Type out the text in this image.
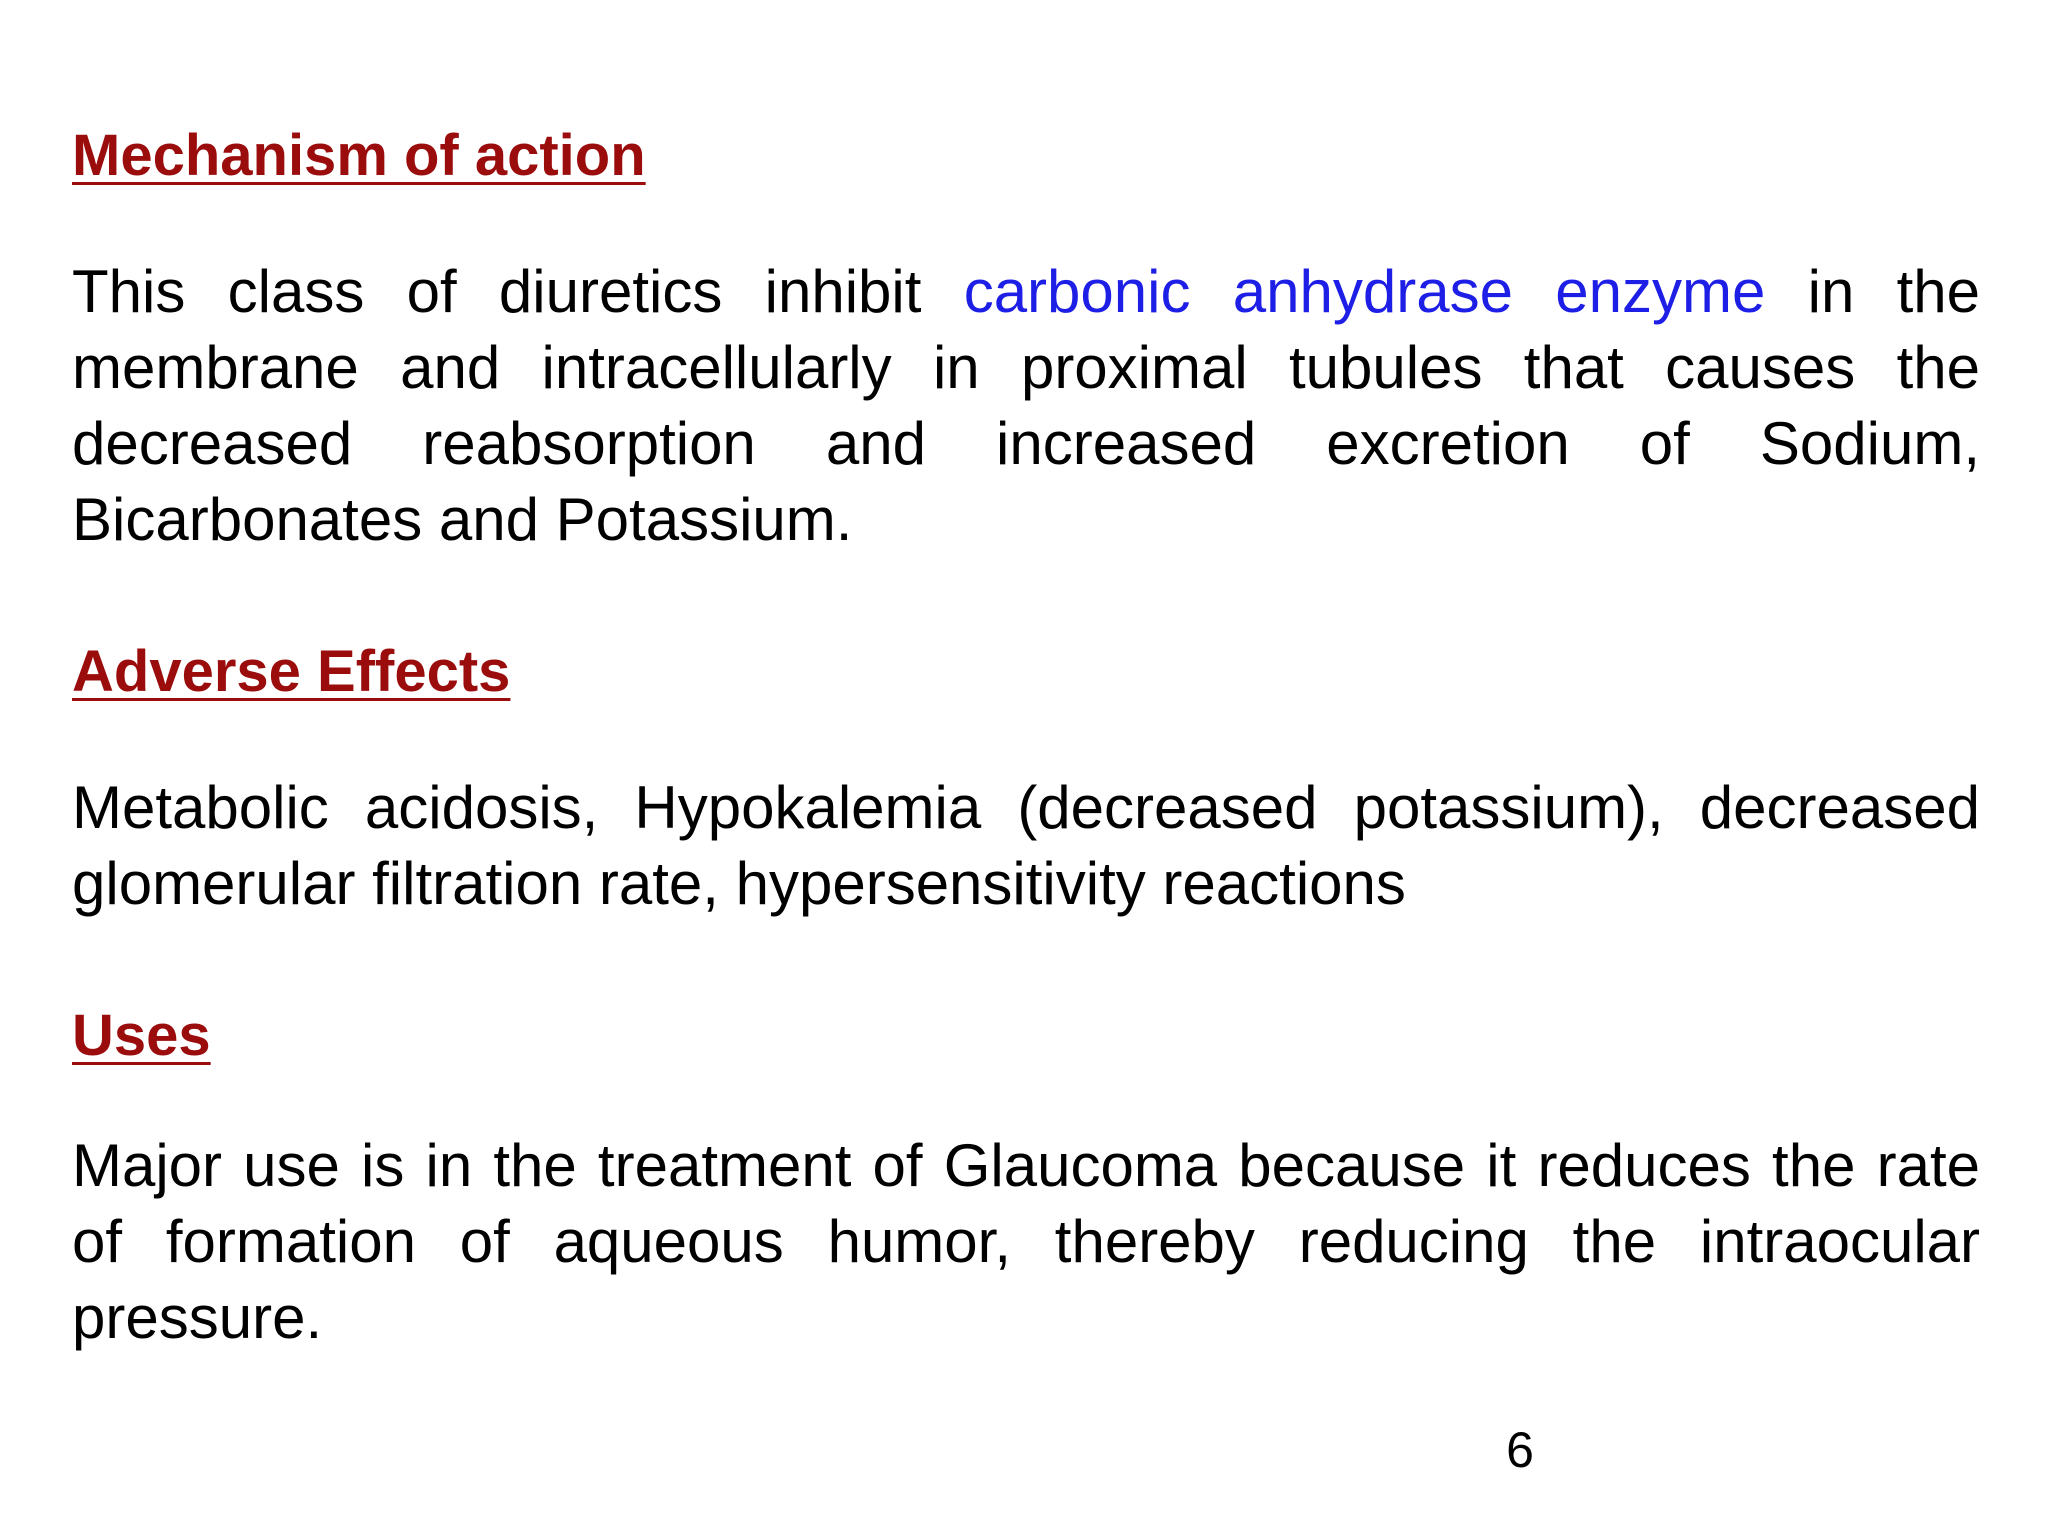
Mechanism of action

This class of diuretics inhibit carbonic anhydrase enzyme in the membrane and intracellularly in proximal tubules that causes the decreased reabsorption and increased excretion of Sodium, Bicarbonates and Potassium.

Adverse Effects

Metabolic acidosis, Hypokalemia (decreased potassium), decreased glomerular filtration rate, hypersensitivity reactions

Uses

Major use is in the treatment of Glaucoma because it reduces the rate of formation of aqueous humor, thereby reducing the intraocular pressure.

6
